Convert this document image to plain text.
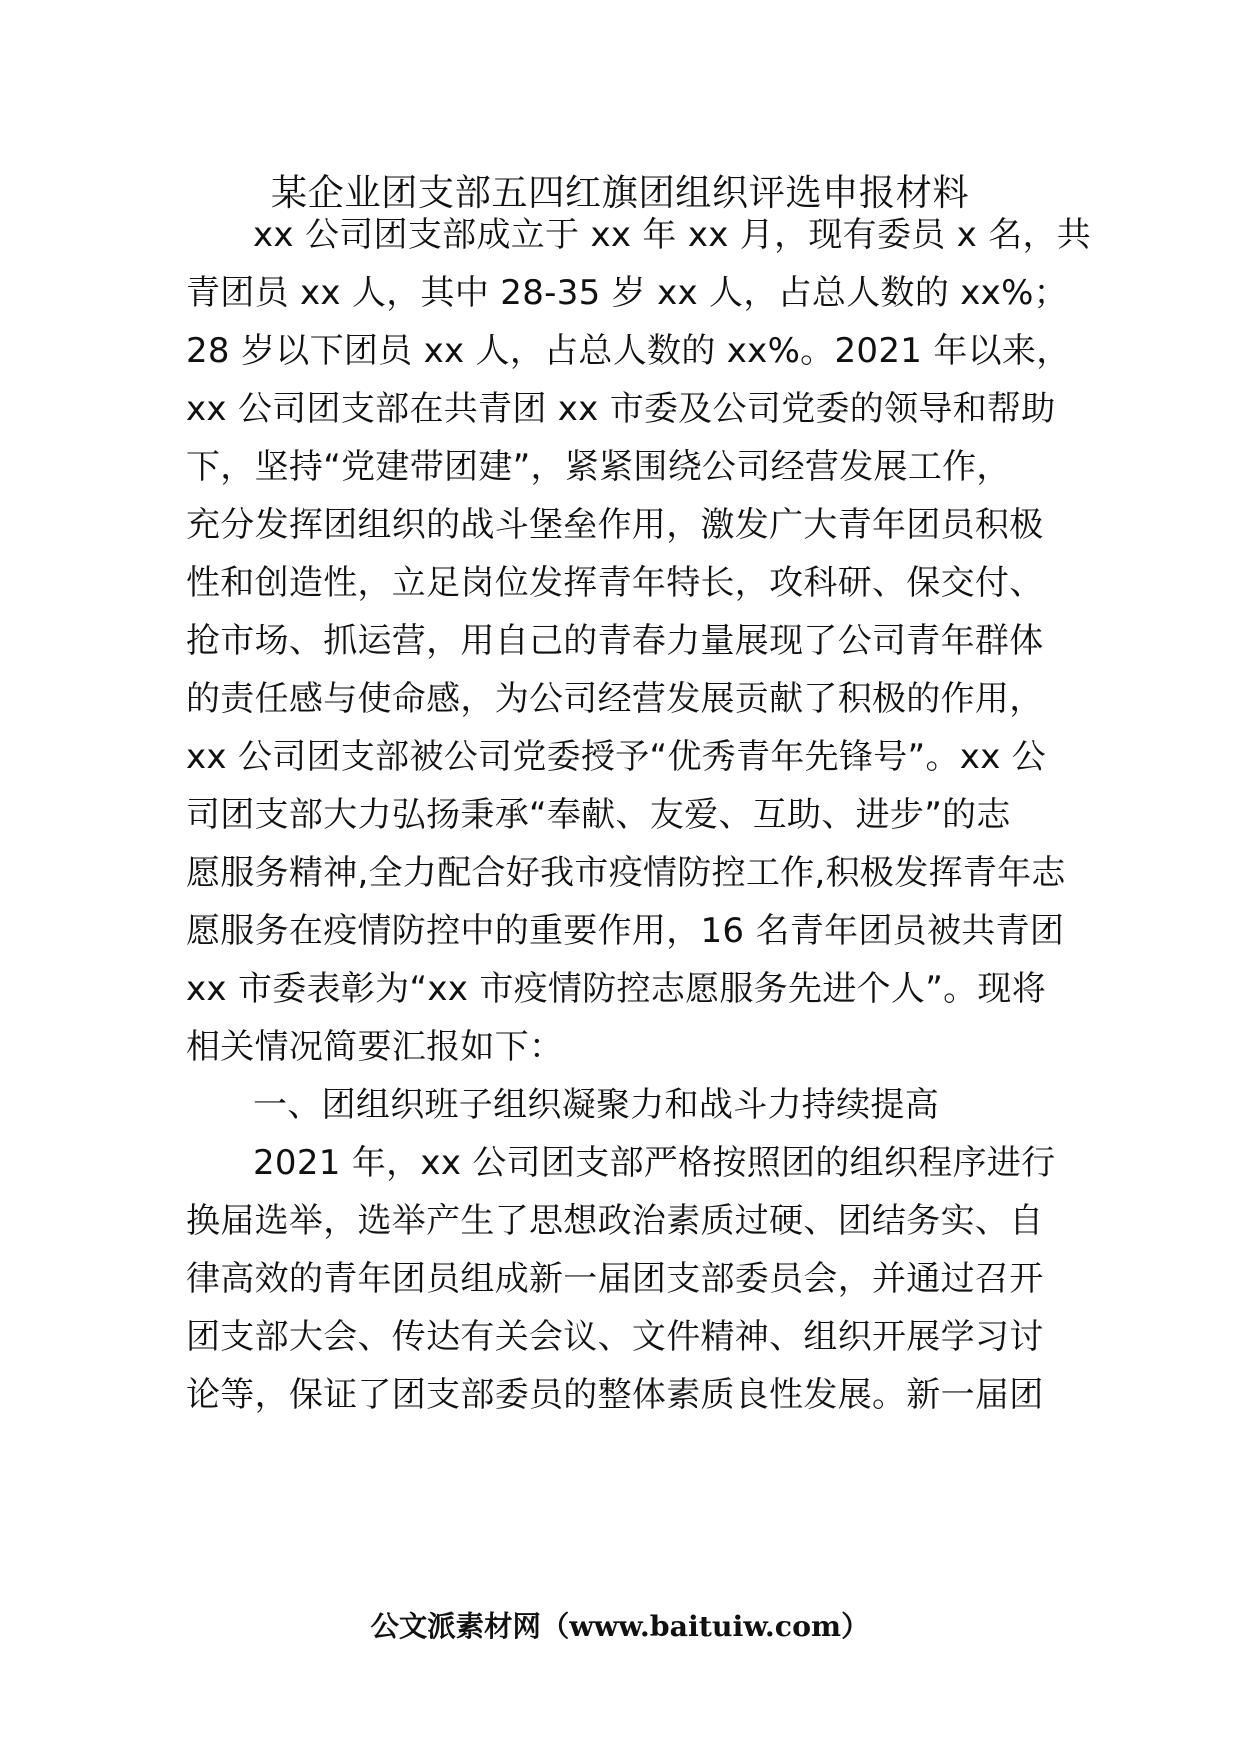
某企业团支部五四红旗团组织评选申报材料
xx 公司团支部成立于 xx 年 xx 月，现有委员 x 名，共
青团员 xx 人，其中 28-35 岁 xx 人，占总人数的 xx%；
28 岁以下团员 xx 人，占总人数的 xx%。2021 年以来，
xx 公司团支部在共青团 xx 市委及公司党委的领导和帮助
下，坚持“党建带团建”，紧紧围绕公司经营发展工作，
充分发挥团组织的战斗堡垒作用，激发广大青年团员积极
性和创造性，立足岗位发挥青年特长，攻科研、保交付、
抢市场、抓运营，用自己的青春力量展现了公司青年群体
的责任感与使命感，为公司经营发展贡献了积极的作用，
xx 公司团支部被公司党委授予“优秀青年先锋号”。xx 公
司团支部大力弘扬秉承“奉献、友爱、互助、进步”的志
愿服务精神,全力配合好我市疫情防控工作,积极发挥青年志
愿服务在疫情防控中的重要作用，16 名青年团员被共青团
xx 市委表彰为“xx 市疫情防控志愿服务先进个人”。现将
相关情况简要汇报如下：
一、团组织班子组织凝聚力和战斗力持续提高
2021 年，xx 公司团支部严格按照团的组织程序进行
换届选举，选举产生了思想政治素质过硬、团结务实、自
律高效的青年团员组成新一届团支部委员会，并通过召开
团支部大会、传达有关会议、文件精神、组织开展学习讨
论等，保证了团支部委员的整体素质良性发展。新一届团
公文派素材网（www.baituiw.com）
